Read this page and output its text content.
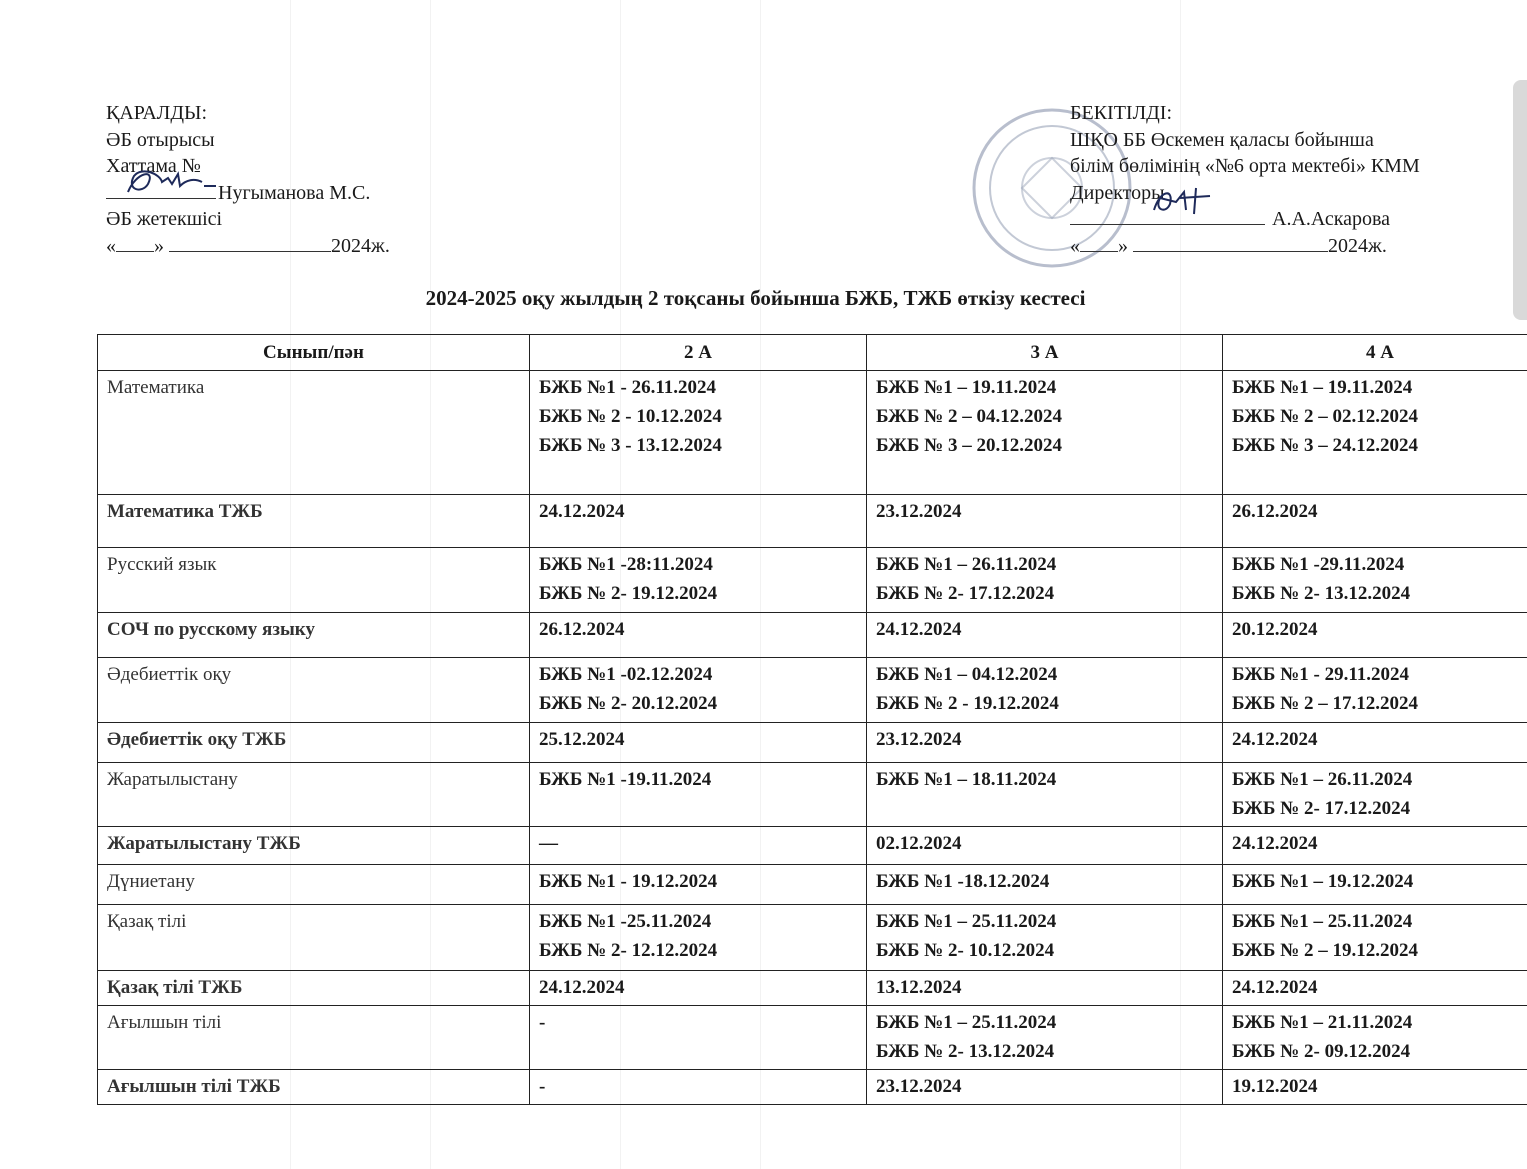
ҚАРАЛДЫ:
ӘБ отырысы
Хаттама №
Нугыманова М.С.
ӘБ жетекшісі
« »	2024ж.
БЕКІТІЛДІ:
ШҚО ББ Өскемен қаласы бойынша
білім бөлімінің «№6 орта мектебі» КММ
Директоры
А.А.Аскарова
« »	2024ж.
2024-2025 оқу жылдың 2 тоқсаны бойынша БЖБ, ТЖБ өткізу кестесі
Сынып/пән	2 А	3 А	4 А
Математика	БЖБ №1 - 26.11.2024
БЖБ № 2 - 10.12.2024
БЖБ № 3 - 13.12.2024	БЖБ №1 – 19.11.2024
БЖБ № 2 – 04.12.2024
БЖБ № 3 – 20.12.2024	БЖБ №1 – 19.11.2024
БЖБ № 2 – 02.12.2024
БЖБ № 3 – 24.12.2024

Математика ТЖБ	24.12.2024	23.12.2024	26.12.2024

Русский язык	БЖБ №1 -28:11.2024
БЖБ № 2- 19.12.2024	БЖБ №1 – 26.11.2024
БЖБ № 2- 17.12.2024	БЖБ №1 -29.11.2024
БЖБ № 2- 13.12.2024

СОЧ по русскому языку	26.12.2024	24.12.2024	20.12.2024

Әдебиеттік оқу	БЖБ №1 -02.12.2024
БЖБ № 2- 20.12.2024	БЖБ №1 – 04.12.2024
БЖБ № 2 - 19.12.2024	БЖБ №1 - 29.11.2024
БЖБ № 2 – 17.12.2024

Әдебиеттік оқу ТЖБ	25.12.2024	23.12.2024	24.12.2024

Жаратылыстану	БЖБ №1 -19.11.2024	БЖБ №1 – 18.11.2024	БЖБ №1 – 26.11.2024
БЖБ № 2- 17.12.2024

Жаратылыстану ТЖБ	—	02.12.2024	24.12.2024

Дүниетану	БЖБ №1 - 19.12.2024	БЖБ №1 -18.12.2024	БЖБ №1 – 19.12.2024

Қазақ тілі	БЖБ №1 -25.11.2024
БЖБ № 2- 12.12.2024	БЖБ №1 – 25.11.2024
БЖБ № 2- 10.12.2024	БЖБ №1 – 25.11.2024
БЖБ № 2 – 19.12.2024

Қазақ тілі ТЖБ	24.12.2024	13.12.2024	24.12.2024

Ағылшын тілі	-	БЖБ №1 – 25.11.2024
БЖБ № 2- 13.12.2024	БЖБ №1 – 21.11.2024
БЖБ № 2- 09.12.2024

Ағылшын тілі ТЖБ	-	23.12.2024	19.12.2024
